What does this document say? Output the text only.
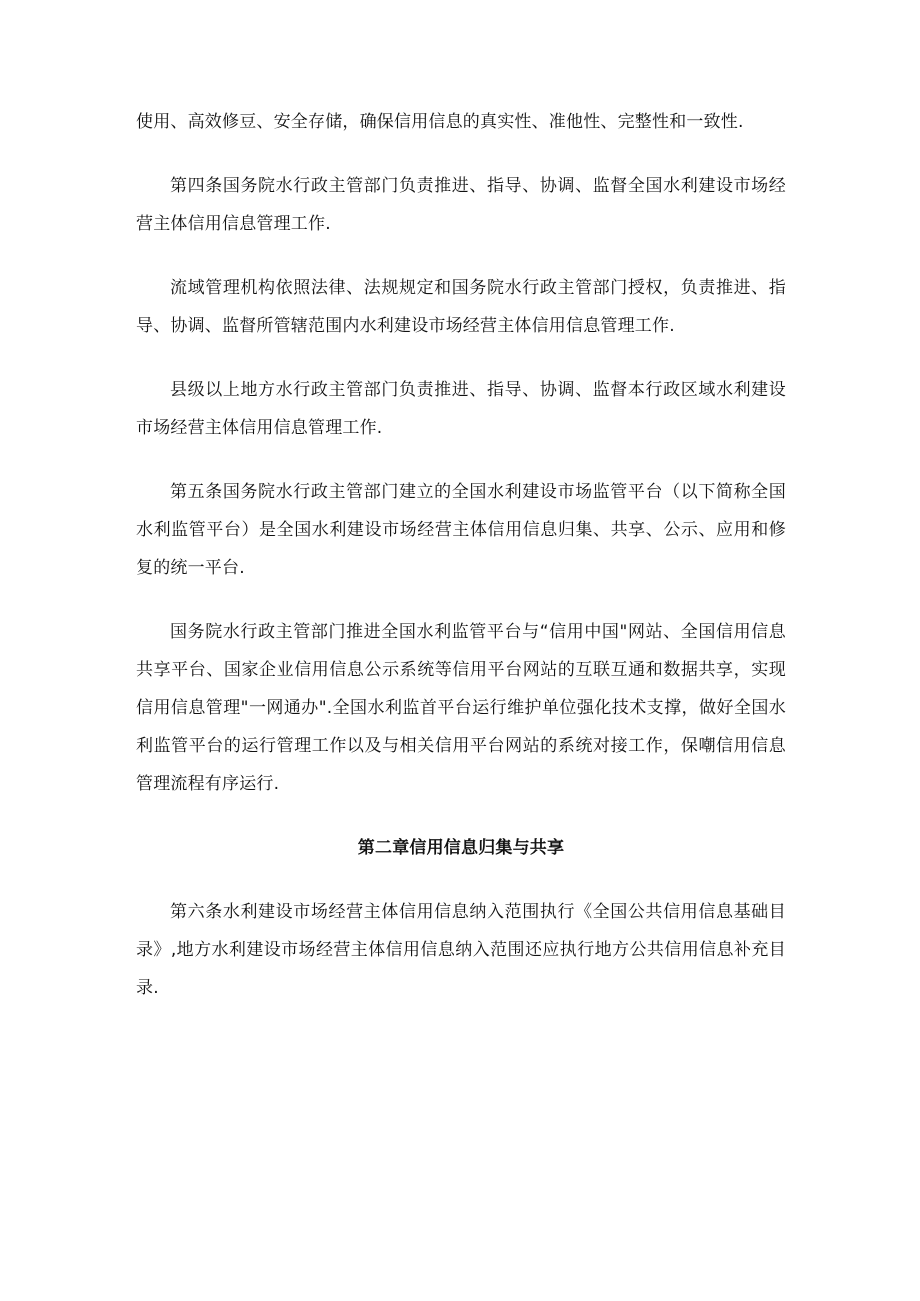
使用、高效修豆、安全存储，确保信用信息的真实性、准他性、完整性和一致性.

第四条国务院水行政主管部门负责推进、指导、协调、监督全国水利建设市场经营主体信用信息管理工作.

流域管理机构依照法律、法规规定和国务院水行政主管部门授权，负责推进、指导、协调、监督所管辖范围内水利建设市场经营主体信用信息管理工作.

县级以上地方水行政主管部门负责推进、指导、协调、监督本行政区域水利建设市场经营主体信用信息管理工作.

第五条国务院水行政主管部门建立的全国水利建设市场监管平台（以下简称全国水利监管平台）是全国水利建设市场经营主体信用信息归集、共享、公示、应用和修复的统一平台.

国务院水行政主管部门推进全国水利监管平台与“信用中国"网站、全国信用信息共享平台、国家企业信用信息公示系统等信用平台网站的互联互通和数据共享，实现信用信息管理"一网通办".全国水利监首平台运行维护单位强化技术支撑，做好全国水利监管平台的运行管理工作以及与相关信用平台网站的系统对接工作，保嘲信用信息管理流程有序运行.

第二章信用信息归集与共享

第六条水利建设市场经营主体信用信息纳入范围执行《全国公共信用信息基础目录》,地方水利建设市场经营主体信用信息纳入范围还应执行地方公共信用信息补充目录.
